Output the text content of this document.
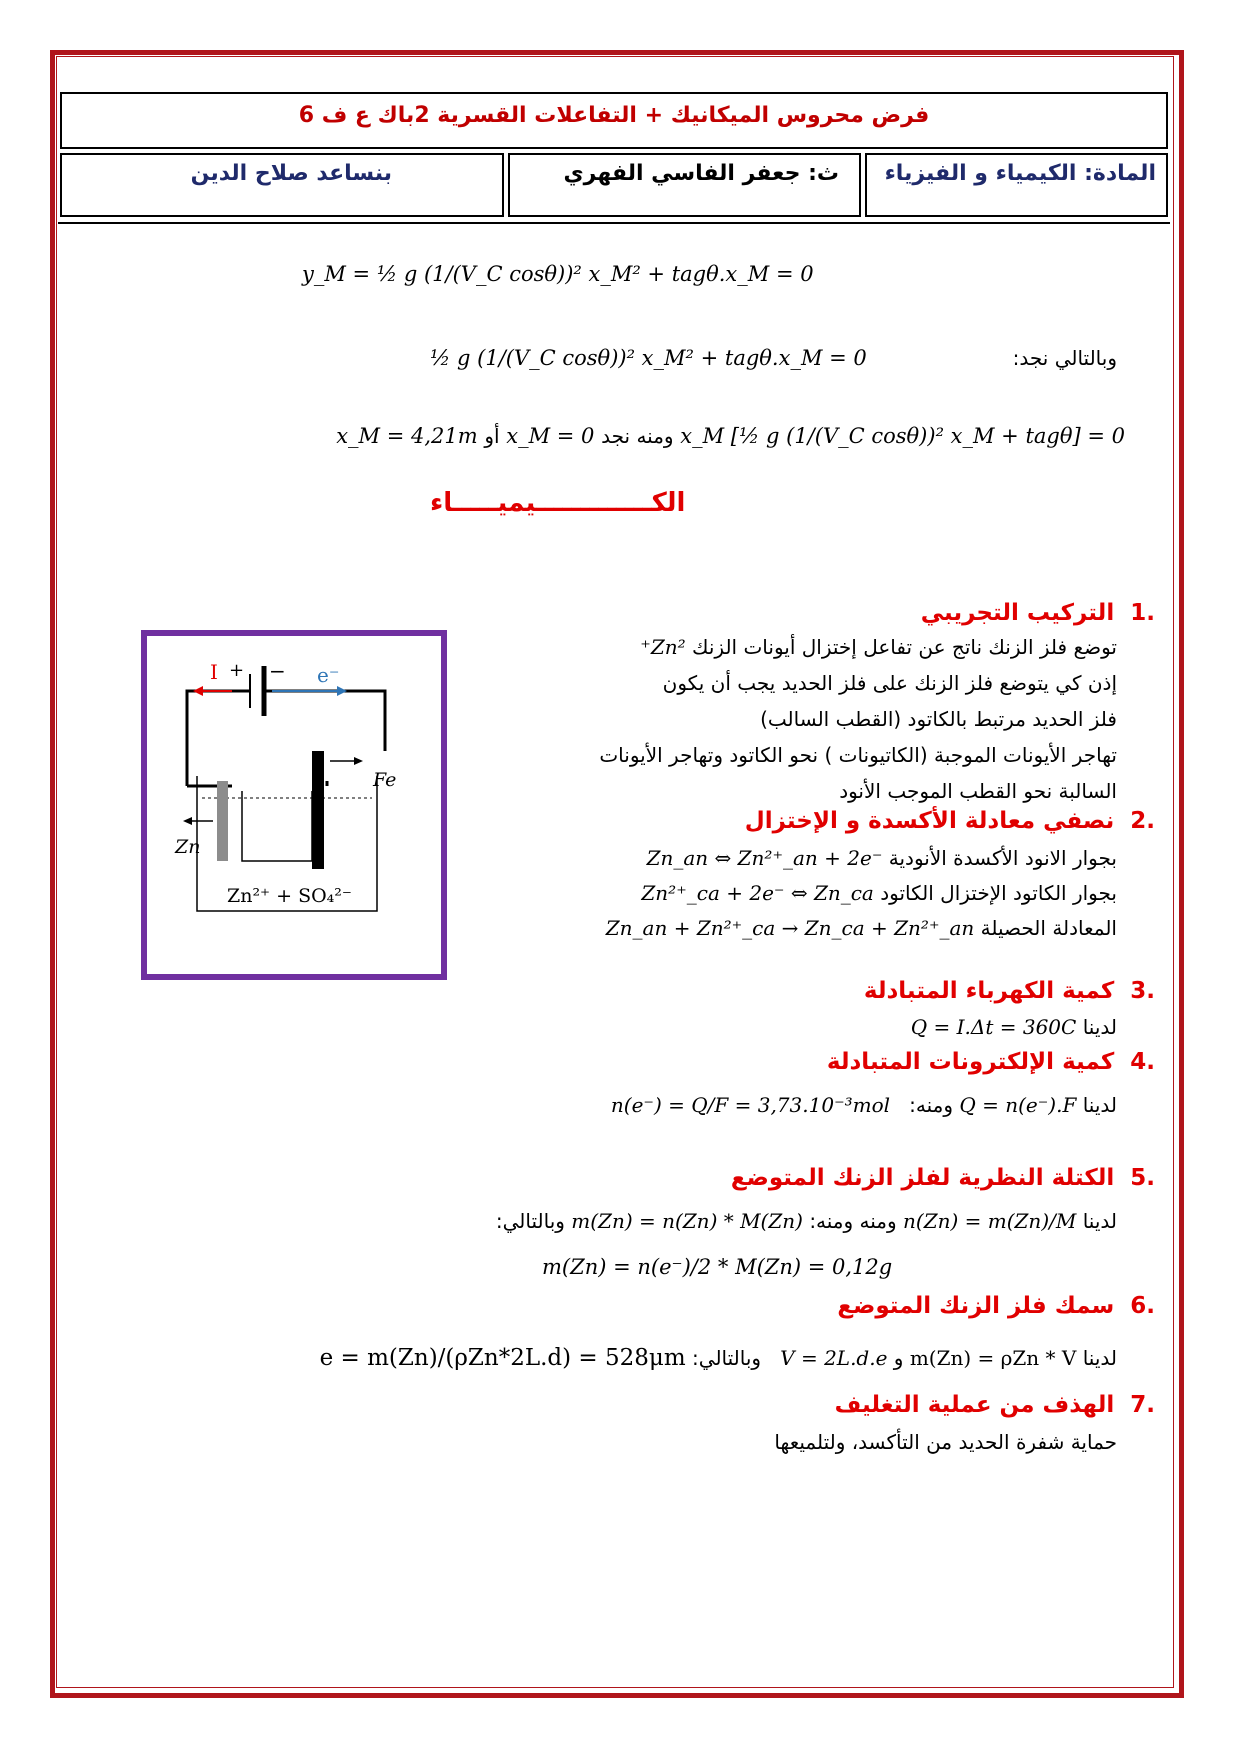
فرض محروس الميكانيك + التفاعلات القسرية 2باك ع ف 6
المادة: الكيمياء و الفيزياء
ث: جعفر الفاسي الفهري
بنساعد صلاح الدين
y_M = ½ g (1/(V_C cosθ))² x_M² + tagθ.x_M = 0
وبالتالي نجد:
½ g (1/(V_C cosθ))² x_M² + tagθ.x_M = 0
x_M [½ g (1/(V_C cosθ))² x_M + tagθ] = 0 ومنه نجد x_M = 0 أو x_M = 4,21m
الكـــــــــــــيميـــــاء
I + − e⁻
Fe
Zn
Zn²⁺ + SO₄²⁻
.1  التركيب التجريبي
توضع فلز الزنك ناتج عن تفاعل إختزال أيونات الزنك Zn²⁺
إذن كي يتوضع فلز الزنك على فلز الحديد يجب أن يكون
فلز الحديد مرتبط بالكاتود (القطب السالب)
تهاجر الأيونات الموجبة (الكاتيونات ) نحو الكاتود وتهاجر الأيونات
السالبة نحو القطب الموجب الأنود
.2  نصفي معادلة الأكسدة و الإختزال
بجوار الانود الأكسدة الأنودية Zn_an ⇔ Zn²⁺_an + 2e⁻
بجوار الكاتود الإختزال الكاتود Zn²⁺_ca + 2e⁻ ⇔ Zn_ca
المعادلة الحصيلة Zn_an + Zn²⁺_ca → Zn_ca + Zn²⁺_an
.3  كمية الكهرباء المتبادلة
لدينا Q = I.Δt = 360C
.4  كمية الإلكترونات المتبادلة
لدينا Q = n(e⁻).F ومنه:   n(e⁻) = Q/F = 3,73.10⁻³mol
.5  الكتلة النظرية لفلز الزنك المتوضع
لدينا n(Zn) = m(Zn)/M ومنه ومنه: m(Zn) = n(Zn) * M(Zn) وبالتالي:
m(Zn) = n(e⁻)/2 * M(Zn) = 0,12g
.6  سمك فلز الزنك المتوضع
لدينا m(Zn) = ρZn * V و V = 2L.d.e   وبالتالي: e = m(Zn)/(ρZn*2L.d) = 528μm
.7  الهذف من عملية التغليف
حماية شفرة الحديد من التأكسد، ولتلميعها
